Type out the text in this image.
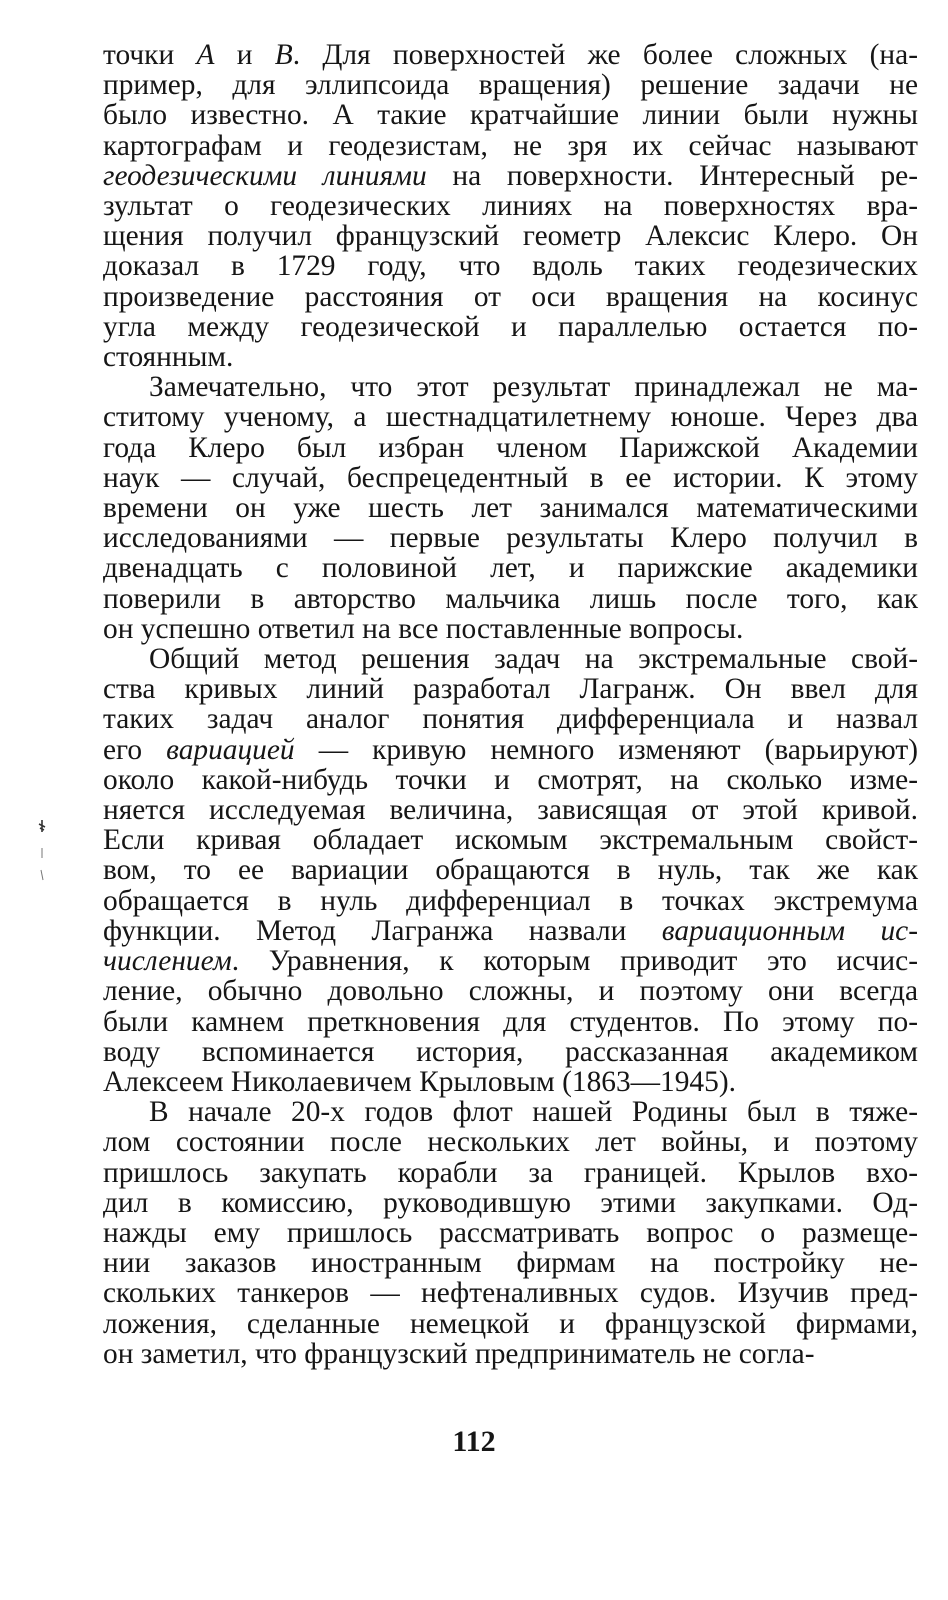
точки A и B. Для поверхностей же более сложных (на-
пример, для эллипсоида вращения) решение задачи не
было известно. А такие кратчайшие линии были нужны
картографам и геодезистам, не зря их сейчас называют
геодезическими линиями на поверхности. Интересный ре-
зультат о геодезических линиях на поверхностях вра-
щения получил французский геометр Алексис Клеро. Он
доказал в 1729 году, что вдоль таких геодезических
произведение расстояния от оси вращения на косинус
угла между геодезической и параллелью остается по-
стоянным.
Замечательно, что этот результат принадлежал не ма-
ститому ученому, а шестнадцатилетнему юноше. Через два
года Клеро был избран членом Парижской Академии
наук — случай, беспрецедентный в ее истории. К этому
времени он уже шесть лет занимался математическими
исследованиями — первые результаты Клеро получил в
двенадцать с половиной лет, и парижские академики
поверили в авторство мальчика лишь после того, как
он успешно ответил на все поставленные вопросы.
Общий метод решения задач на экстремальные свой-
ства кривых линий разработал Лагранж. Он ввел для
таких задач аналог понятия дифференциала и назвал
его вариацией — кривую немного изменяют (варьируют)
около какой-нибудь точки и смотрят, на сколько изме-
няется исследуемая величина, зависящая от этой кривой.
Если кривая обладает искомым экстремальным свойст-
вом, то ее вариации обращаются в нуль, так же как
обращается в нуль дифференциал в точках экстремума
функции. Метод Лагранжа назвали вариационным ис-
числением. Уравнения, к которым приводит это исчис-
ление, обычно довольно сложны, и поэтому они всегда
были камнем преткновения для студентов. По этому по-
воду вспоминается история, рассказанная академиком
Алексеем Николаевичем Крыловым (1863—1945).
В начале 20-х годов флот нашей Родины был в тяже-
лом состоянии после нескольких лет войны, и поэтому
пришлось закупать корабли за границей. Крылов вхо-
дил в комиссию, руководившую этими закупками. Од-
нажды ему пришлось рассматривать вопрос о размеще-
нии заказов иностранным фирмам на постройку не-
скольких танкеров — нефтеналивных судов. Изучив пред-
ложения, сделанные немецкой и французской фирмами,
он заметил, что французский предприниматель не согла-
112
